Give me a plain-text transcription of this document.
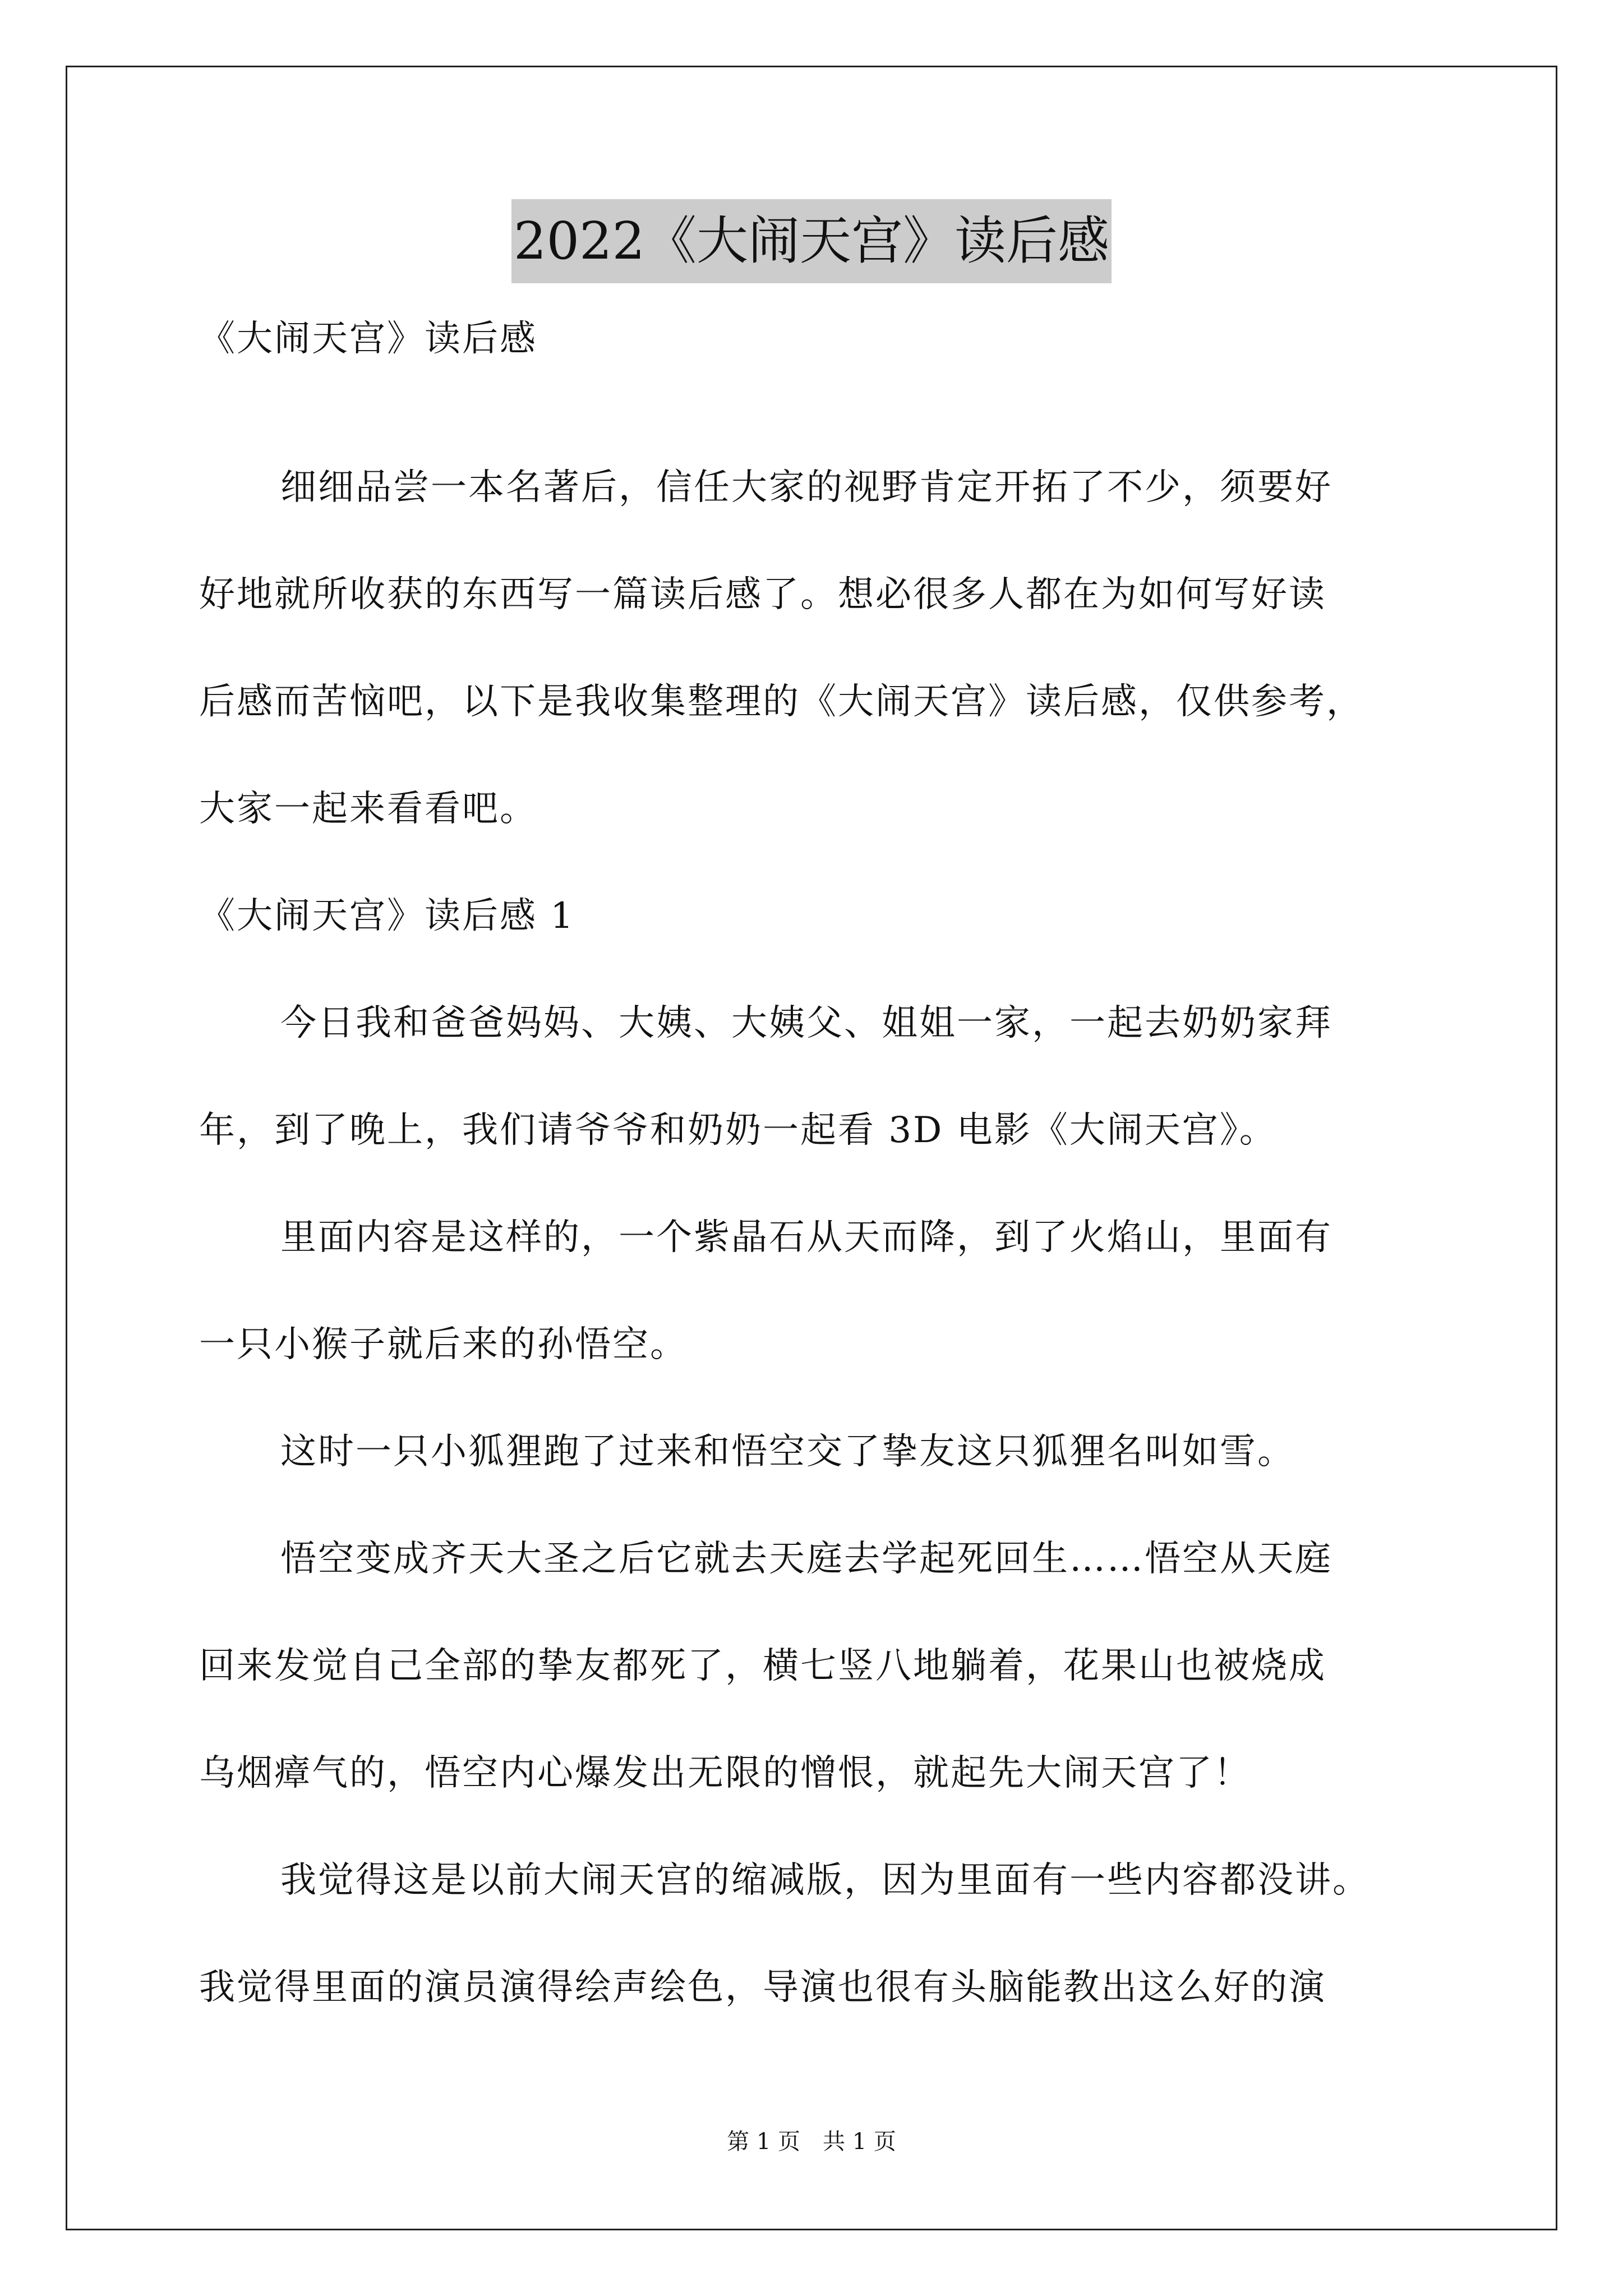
2022《大闹天宫》读后感
《大闹天宫》读后感
细细品尝一本名著后，信任大家的视野肯定开拓了不少，须要好
好地就所收获的东西写一篇读后感了。想必很多人都在为如何写好读
后感而苦恼吧，以下是我收集整理的《大闹天宫》读后感，仅供参考，
大家一起来看看吧。
《大闹天宫》读后感 1
今日我和爸爸妈妈、大姨、大姨父、姐姐一家，一起去奶奶家拜
年，到了晚上，我们请爷爷和奶奶一起看 3D 电影《大闹天宫》。
里面内容是这样的，一个紫晶石从天而降，到了火焰山，里面有
一只小猴子就后来的孙悟空。
这时一只小狐狸跑了过来和悟空交了挚友这只狐狸名叫如雪。
悟空变成齐天大圣之后它就去天庭去学起死回生……悟空从天庭
回来发觉自己全部的挚友都死了，横七竖八地躺着，花果山也被烧成
乌烟瘴气的，悟空内心爆发出无限的憎恨，就起先大闹天宫了！
我觉得这是以前大闹天宫的缩减版，因为里面有一些内容都没讲。
我觉得里面的演员演得绘声绘色，导演也很有头脑能教出这么好的演
第 1 页　共 1 页
